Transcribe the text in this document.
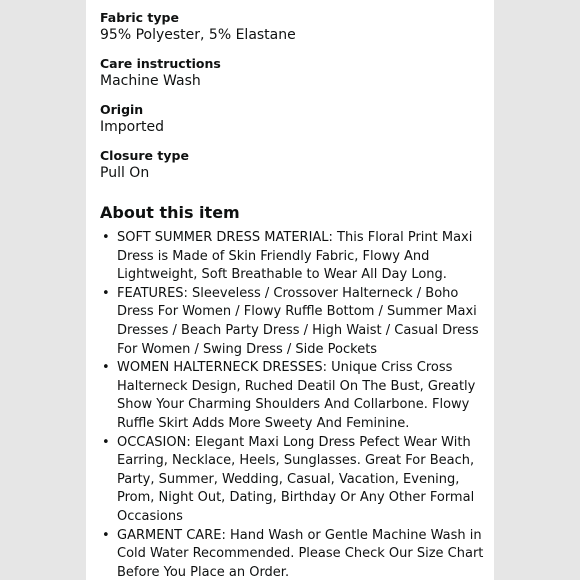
Fabric type
95% Polyester, 5% Elastane
Care instructions
Machine Wash
Origin
Imported
Closure type
Pull On
About this item
• SOFT SUMMER DRESS MATERIAL: This Floral Print Maxi Dress is Made of Skin Friendly Fabric, Flowy And Lightweight, Soft Breathable to Wear All Day Long.
• FEATURES: Sleeveless / Crossover Halterneck / Boho Dress For Women / Flowy Ruffle Bottom / Summer Maxi Dresses / Beach Party Dress / High Waist / Casual Dress For Women / Swing Dress / Side Pockets
• WOMEN HALTERNECK DRESSES: Unique Criss Cross Halterneck Design, Ruched Deatil On The Bust, Greatly Show Your Charming Shoulders And Collarbone. Flowy Ruffle Skirt Adds More Sweety And Feminine.
• OCCASION: Elegant Maxi Long Dress Pefect Wear With Earring, Necklace, Heels, Sunglasses. Great For Beach, Party, Summer, Wedding, Casual, Vacation, Evening, Prom, Night Out, Dating, Birthday Or Any Other Formal Occasions
• GARMENT CARE: Hand Wash or Gentle Machine Wash in Cold Water Recommended. Please Check Our Size Chart Before You Place an Order.
